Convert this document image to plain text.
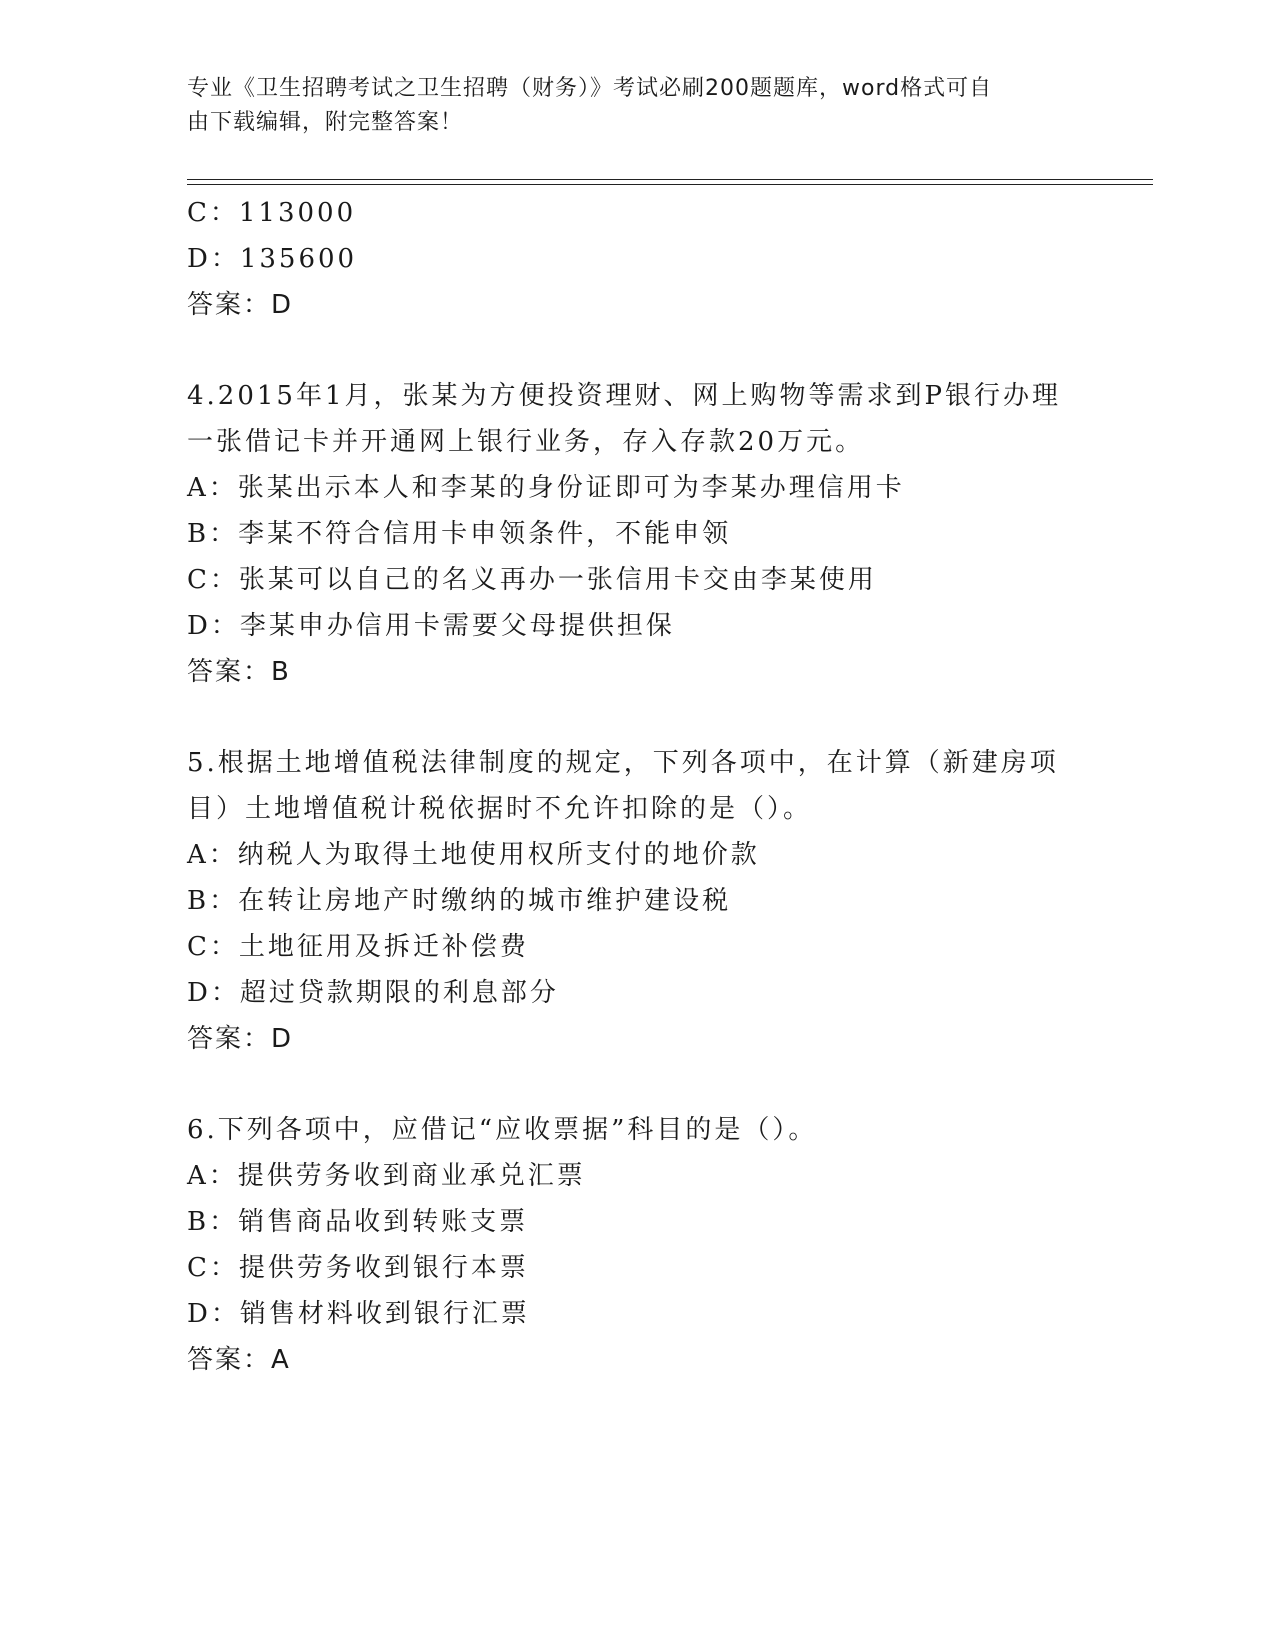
专业《卫生招聘考试之卫生招聘（财务）》考试必刷200题题库，word格式可自
由下载编辑，附完整答案！
C：113000
D：135600
答案：D
4.2015年1月，张某为方便投资理财、网上购物等需求到P银行办理
一张借记卡并开通网上银行业务，存入存款20万元。
A：张某出示本人和李某的身份证即可为李某办理信用卡
B：李某不符合信用卡申领条件，不能申领
C：张某可以自己的名义再办一张信用卡交由李某使用
D：李某申办信用卡需要父母提供担保
答案：B
5.根据土地增值税法律制度的规定，下列各项中，在计算（新建房项
目）土地增值税计税依据时不允许扣除的是（）。
A：纳税人为取得土地使用权所支付的地价款
B：在转让房地产时缴纳的城市维护建设税
C：土地征用及拆迁补偿费
D：超过贷款期限的利息部分
答案：D
6.下列各项中，应借记“应收票据”科目的是（）。
A：提供劳务收到商业承兑汇票
B：销售商品收到转账支票
C：提供劳务收到银行本票
D：销售材料收到银行汇票
答案：A
